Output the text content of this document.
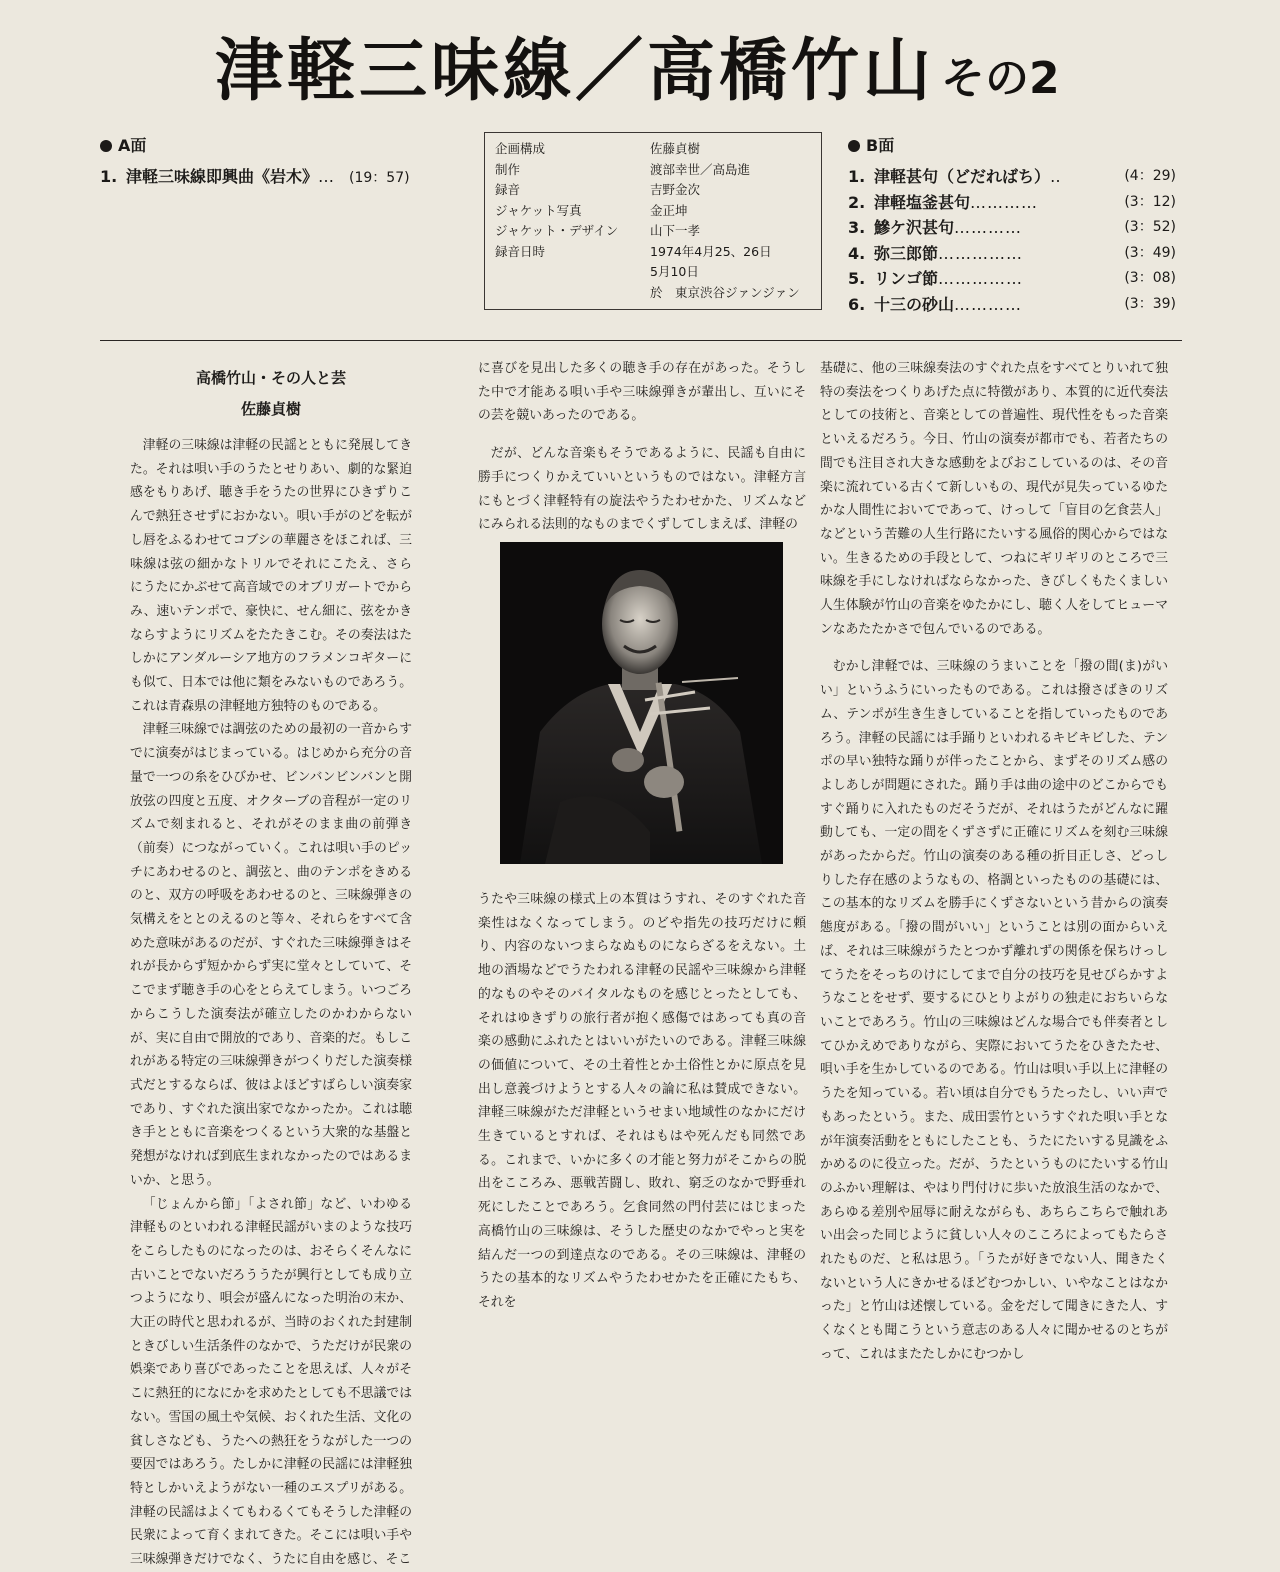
津軽三味線／高橋竹山 その2
A面
1. 津軽三味線即興曲《岩木》… (19：57)
企画構成	佐藤貞樹
制作	渡部幸世／高島進
録音	吉野金次
ジャケット写真	金正坤
ジャケット・デザイン	山下一孝
録音日時	1974年4月25、26日
	5月10日
	於　東京渋谷ジァンジァン
B面
1. 津軽甚句（どだればち）‥	(4：29)
2. 津軽塩釜甚句…………	(3：12)
3. 鰺ケ沢甚句…………	(3：52)
4. 弥三郎節……………	(3：49)
5. リンゴ節……………	(3：08)
6. 十三の砂山…………	(3：39)
高橋竹山・その人と芸
佐藤貞樹

津軽の三味線は津軽の民謡とともに発展してきた。それは唄い手のうたとせりあい、劇的な緊迫感をもりあげ、聴き手をうたの世界にひきずりこんで熱狂させずにおかない。唄い手がのどを転がし唇をふるわせてコブシの華麗さをほこれば、三味線は弦の細かなトリルでそれにこたえ、さらにうたにかぶせて高音域でのオブリガートでからみ、速いテンポで、豪快に、せん細に、弦をかきならすようにリズムをたたきこむ。その奏法はたしかにアンダルーシア地方のフラメンコギターにも似て、日本では他に類をみないものであろう。これは青森県の津軽地方独特のものである。

津軽三味線では調弦のための最初の一音からすでに演奏がはじまっている。はじめから充分の音量で一つの糸をひびかせ、ビンバンビンバンと開放弦の四度と五度、オクターブの音程が一定のリズムで刻まれると、それがそのまま曲の前弾き（前奏）につながっていく。これは唄い手のピッチにあわせるのと、調弦と、曲のテンポをきめるのと、双方の呼吸をあわせるのと、三味線弾きの気構えをととのえるのと等々、それらをすべて含めた意味があるのだが、すぐれた三味線弾きはそれが長からず短かからず実に堂々としていて、そこでまず聴き手の心をとらえてしまう。いつごろからこうした演奏法が確立したのかわからないが、実に自由で開放的であり、音楽的だ。もしこれがある特定の三味線弾きがつくりだした演奏様式だとするならば、彼はよほどすばらしい演奏家であり、すぐれた演出家でなかったか。これは聴き手とともに音楽をつくるという大衆的な基盤と発想がなければ到底生まれなかったのではあるまいか、と思う。

「じょんから節」「よされ節」など、いわゆる津軽ものといわれる津軽民謡がいまのような技巧をこらしたものになったのは、おそらくそんなに古いことでないだろううたが興行としても成り立つようになり、唄会が盛んになった明治の末か、大正の時代と思われるが、当時のおくれた封建制ときびしい生活条件のなかで、うただけが民衆の娯楽であり喜びであったことを思えば、人々がそこに熱狂的になにかを求めたとしても不思議ではない。雪国の風土や気候、おくれた生活、文化の貧しさなども、うたへの熱狂をうながした一つの要因ではあろう。たしかに津軽の民謡には津軽独特としかいえようがない一種のエスプリがある。津軽の民謡はよくてもわるくてもそうした津軽の民衆によって育くまれてきた。そこには唄い手や三味線弾きだけでなく、うたに自由を感じ、そこ

に喜びを見出した多くの聴き手の存在があった。そうした中で才能ある唄い手や三味線弾きが輩出し、互いにその芸を競いあったのである。

だが、どんな音楽もそうであるように、民謡も自由に勝手につくりかえていいというものではない。津軽方言にもとづく津軽特有の旋法やうたわせかた、リズムなどにみられる法則的なものまでくずしてしまえば、津軽の

うたや三味線の様式上の本質はうすれ、そのすぐれた音楽性はなくなってしまう。のどや指先の技巧だけに頼り、内容のないつまらなぬものにならざるをえない。土地の酒場などでうたわれる津軽の民謡や三味線から津軽的なものやそのバイタルなものを感じとったとしても、それはゆきずりの旅行者が抱く感傷ではあっても真の音楽の感動にふれたとはいいがたいのである。津軽三味線の価値について、その土着性とか土俗性とかに原点を見出し意義づけようとする人々の論に私は賛成できない。津軽三味線がただ津軽というせまい地域性のなかにだけ生きているとすれば、それはもはや死んだも同然である。これまで、いかに多くの才能と努力がそこからの脱出をこころみ、悪戦苦闘し、敗れ、窮乏のなかで野垂れ死にしたことであろう。乞食同然の門付芸にはじまった高橋竹山の三味線は、そうした歴史のなかでやっと実を結んだ一つの到達点なのである。その三味線は、津軽のうたの基本的なリズムやうたわせかたを正確にたもち、それを

基礎に、他の三味線奏法のすぐれた点をすべてとりいれて独特の奏法をつくりあげた点に特徴があり、本質的に近代奏法としての技術と、音楽としての普遍性、現代性をもった音楽といえるだろう。今日、竹山の演奏が都市でも、若者たちの間でも注目され大きな感動をよびおこしているのは、その音楽に流れている古くて新しいもの、現代が見失っているゆたかな人間性においてであって、けっして「盲目の乞食芸人」などという苦難の人生行路にたいする風俗的関心からではない。生きるための手段として、つねにギリギリのところで三味線を手にしなければならなかった、きびしくもたくましい人生体験が竹山の音楽をゆたかにし、聴く人をしてヒューマンなあたたかさで包んでいるのである。

むかし津軽では、三味線のうまいことを「撥の間(ま)がいい」というふうにいったものである。これは撥さばきのリズム、テンポが生き生きしていることを指していったものであろう。津軽の民謡には手踊りといわれるキビキビした、テンポの早い独特な踊りが伴ったことから、まずそのリズム感のよしあしが問題にされた。踊り手は曲の途中のどこからでもすぐ踊りに入れたものだそうだが、それはうたがどんなに躍動しても、一定の間をくずさずに正確にリズムを刻む三味線があったからだ。竹山の演奏のある種の折目正しさ、どっしりした存在感のようなもの、格調といったものの基礎には、この基本的なリズムを勝手にくずさないという昔からの演奏態度がある。「撥の間がいい」ということは別の面からいえば、それは三味線がうたとつかず離れずの関係を保ちけっしてうたをそっちのけにしてまで自分の技巧を見せびらかすようなことをせず、要するにひとりよがりの独走におちいらないことであろう。竹山の三味線はどんな場合でも伴奏者としてひかえめでありながら、実際においてうたをひきたたせ、唄い手を生かしているのである。竹山は唄い手以上に津軽のうたを知っている。若い頃は自分でもうたったし、いい声でもあったという。また、成田雲竹というすぐれた唄い手となが年演奏活動をともにしたことも、うたにたいする見識をふかめるのに役立った。だが、うたというものにたいする竹山のふかい理解は、やはり門付けに歩いた放浪生活のなかで、あらゆる差別や屈辱に耐えながらも、あちらこちらで触れあい出会った同じように貧しい人々のこころによってもたらされたものだ、と私は思う。「うたが好きでない人、聞きたくないという人にきかせるほどむつかしい、いやなことはなかった」と竹山は述懐している。金をだして聞きにきた人、すくなくとも聞こうという意志のある人々に聞かせるのとちがって、これはまたたしかにむつかし
